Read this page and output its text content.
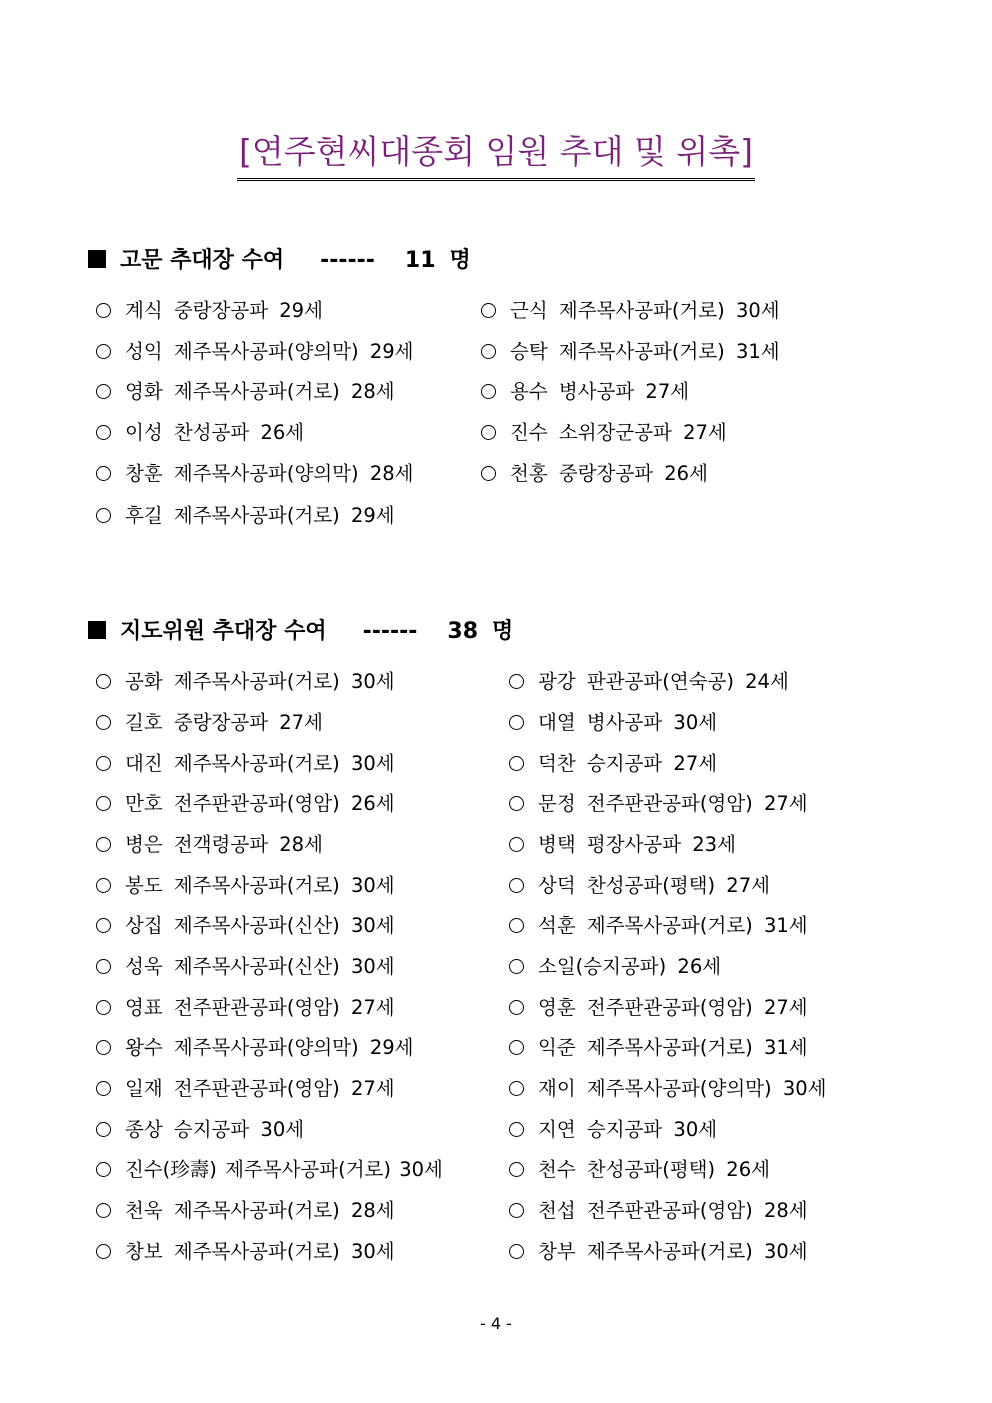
[연주현씨대종회 임원 추대 및 위촉]
고문 추대장 수여 ------ 11 명
계식 중랑장공파 29세
성익 제주목사공파(양의막) 29세
영화 제주목사공파(거로) 28세
이성 찬성공파 26세
창훈 제주목사공파(양의막) 28세
후길 제주목사공파(거로) 29세
근식 제주목사공파(거로) 30세
승탁 제주목사공파(거로) 31세
용수 병사공파 27세
진수 소위장군공파 27세
천홍 중랑장공파 26세
지도위원 추대장 수여 ------ 38 명
공화 제주목사공파(거로) 30세
길호 중랑장공파 27세
대진 제주목사공파(거로) 30세
만호 전주판관공파(영암) 26세
병은 전객령공파 28세
봉도 제주목사공파(거로) 30세
상집 제주목사공파(신산) 30세
성욱 제주목사공파(신산) 30세
영표 전주판관공파(영암) 27세
왕수 제주목사공파(양의막) 29세
일재 전주판관공파(영암) 27세
종상 승지공파 30세
진수(珍壽) 제주목사공파(거로) 30세
천욱 제주목사공파(거로) 28세
창보 제주목사공파(거로) 30세
광강 판관공파(연숙공) 24세
대열 병사공파 30세
덕찬 승지공파 27세
문정 전주판관공파(영암) 27세
병택 평장사공파 23세
상덕 찬성공파(평택) 27세
석훈 제주목사공파(거로) 31세
소일(승지공파) 26세
영훈 전주판관공파(영암) 27세
익준 제주목사공파(거로) 31세
재이 제주목사공파(양의막) 30세
지연 승지공파 30세
천수 찬성공파(평택) 26세
천섭 전주판관공파(영암) 28세
창부 제주목사공파(거로) 30세
- 4 -
